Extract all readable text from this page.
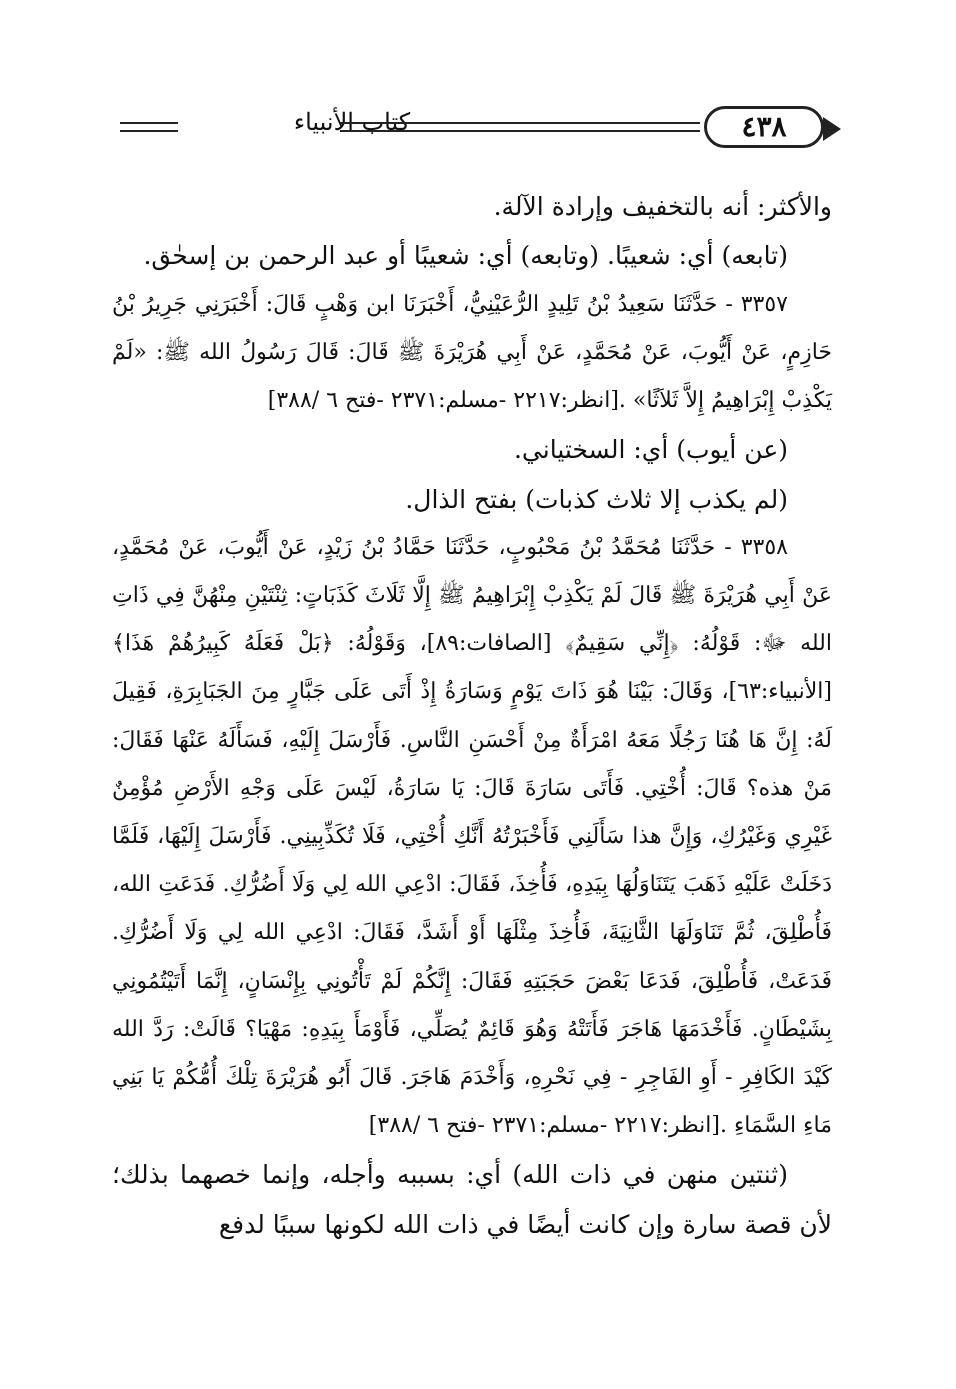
كتاب الأنبياء	٤٣٨

والأكثر: أنه بالتخفيف وإرادة الآلة.

(تابعه) أي: شعيبًا. (وتابعه) أي: شعيبًا أو عبد الرحمن بن إسحٰق.

٣٣٥٧ - حَدَّثَنَا سَعِيدُ بْنُ تَلِيدٍ الرُّعَيْنِيُّ، أَخْبَرَنَا ابن وَهْبٍ قَالَ: أَخْبَرَنِي جَرِيرُ بْنُ حَازِمٍ، عَنْ أَيُّوبَ، عَنْ مُحَمَّدٍ، عَنْ أَبِي هُرَيْرَةَ ﷺ قَالَ: قَالَ رَسُولُ الله ﷺ: «لَمْ يَكْذِبْ إِبْرَاهِيمُ إِلاَّ ثَلاَثًا» .[انظر:٢٢١٧ -مسلم:٢٣٧١ -فتح ٦ /٣٨٨]

(عن أيوب) أي: السختياني.

(لم يكذب إلا ثلاث كذبات) بفتح الذال.

٣٣٥٨ - حَدَّثَنَا مُحَمَّدُ بْنُ مَحْبُوبٍ، حَدَّثَنَا حَمَّادُ بْنُ زَيْدٍ، عَنْ أَيُّوبَ، عَنْ مُحَمَّدٍ، عَنْ أَبِي هُرَيْرَةَ ﷺ قَالَ لَمْ يَكْذِبْ إِبْرَاهِيمُ ﷺ إِلَّا ثَلَاثَ كَذَبَاتٍ: ثِنْتَيْنِ مِنْهُنَّ فِي ذَاتِ الله ﷻ: قَوْلُهُ: ﴿إِنِّي سَقِيمٌ﴾ [الصافات:٨٩]، وَقَوْلُهُ: ﴿بَلْ فَعَلَهُ كَبِيرُهُمْ هَذَا﴾ [الأنبياء:٦٣]، وَقَالَ: بَيْنَا هُوَ ذَاتَ يَوْمٍ وَسَارَةُ إِذْ أَتَى عَلَى جَبَّارٍ مِنَ الجَبَابِرَةِ، فَقِيلَ لَهُ: إِنَّ هَا هُنَا رَجُلًا مَعَهُ امْرَأَةٌ مِنْ أَحْسَنِ النَّاسِ. فَأَرْسَلَ إِلَيْهِ، فَسَأَلَهُ عَنْهَا فَقَالَ: مَنْ هذه؟ قَالَ: أُخْتِي. فَأَتَى سَارَةَ قَالَ: يَا سَارَةُ، لَيْسَ عَلَى وَجْهِ الأَرْضِ مُؤْمِنٌ غَيْرِي وَغَيْرُكِ، وَإِنَّ هذا سَأَلَنِي فَأَخْبَرْتُهُ أَنَّكِ أُخْتِي، فَلَا تُكَذِّبِينِي. فَأَرْسَلَ إِلَيْهَا، فَلَمَّا دَخَلَتْ عَلَيْهِ ذَهَبَ يَتَنَاوَلُهَا بِيَدِهِ، فَأُخِذَ، فَقَالَ: ادْعِي الله لِي وَلَا أَضُرُّكِ. فَدَعَتِ الله، فَأُطْلِقَ، ثُمَّ تَنَاوَلَهَا الثَّانِيَةَ، فَأُخِذَ مِثْلَهَا أَوْ أَشَدَّ، فَقَالَ: ادْعِي الله لِي وَلَا أَضُرُّكِ. فَدَعَتْ، فَأُطْلِقَ، فَدَعَا بَعْضَ حَجَبَتِهِ فَقَالَ: إِنَّكُمْ لَمْ تَأْتُونِي بِإِنْسَانٍ، إِنَّمَا أَتَيْتُمُونِي بِشَيْطَانٍ. فَأَخْدَمَهَا هَاجَرَ فَأَتَتْهُ وَهُوَ قَائِمٌ يُصَلِّي، فَأَوْمَأَ بِيَدِهِ: مَهْيَا؟ قَالَتْ: رَدَّ الله كَيْدَ الكَافِرِ - أَوِ الفَاجِرِ - فِي نَحْرِهِ، وَأَخْدَمَ هَاجَرَ. قَالَ أَبُو هُرَيْرَةَ تِلْكَ أُمُّكُمْ يَا بَنِي مَاءِ السَّمَاءِ .[انظر:٢٢١٧ -مسلم:٢٣٧١ -فتح ٦ /٣٨٨]

(ثنتين منهن في ذات الله) أي: بسببه وأجله، وإنما خصهما بذلك؛ لأن قصة سارة وإن كانت أيضًا في ذات الله لكونها سببًا لدفع
